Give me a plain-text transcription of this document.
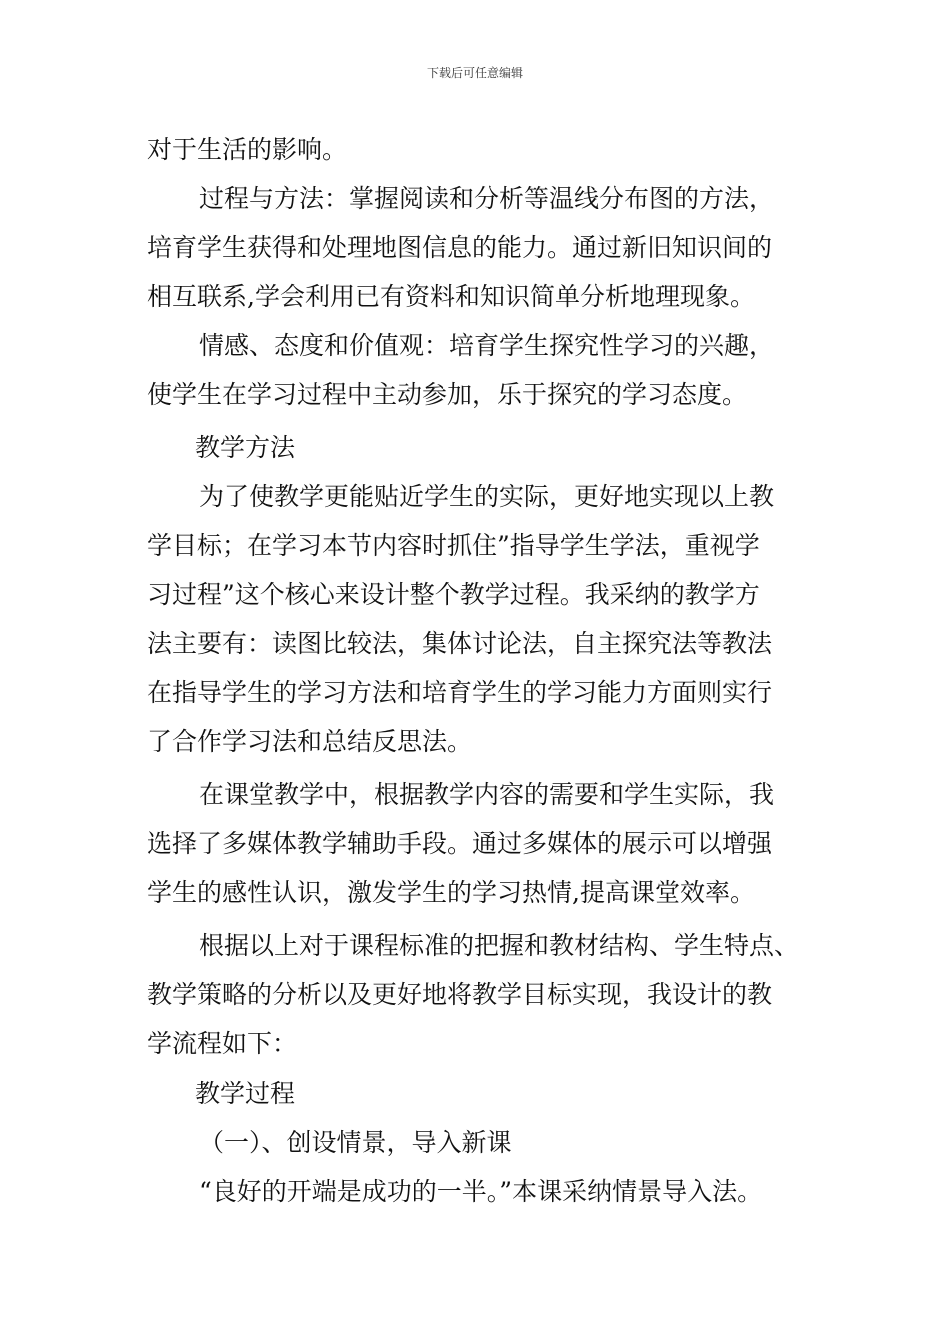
下载后可任意编辑
对于生活的影响。
过程与方法：掌握阅读和分析等温线分布图的方法，
培育学生获得和处理地图信息的能力。通过新旧知识间的
相互联系,学会利用已有资料和知识简单分析地理现象。
情感、态度和价值观：培育学生探究性学习的兴趣，
使学生在学习过程中主动参加，乐于探究的学习态度。
教学方法
为了使教学更能贴近学生的实际，更好地实现以上教
学目标；在学习本节内容时抓住”指导学生学法，重视学
习过程”这个核心来设计整个教学过程。我采纳的教学方
法主要有：读图比较法，集体讨论法，自主探究法等教法
在指导学生的学习方法和培育学生的学习能力方面则实行
了合作学习法和总结反思法。
在课堂教学中，根据教学内容的需要和学生实际，我
选择了多媒体教学辅助手段。通过多媒体的展示可以增强
学生的感性认识，激发学生的学习热情,提高课堂效率。
根据以上对于课程标准的把握和教材结构、学生特点、
教学策略的分析以及更好地将教学目标实现，我设计的教
学流程如下：
教学过程
（一）、创设情景，导入新课
“良好的开端是成功的一半。”本课采纳情景导入法。
